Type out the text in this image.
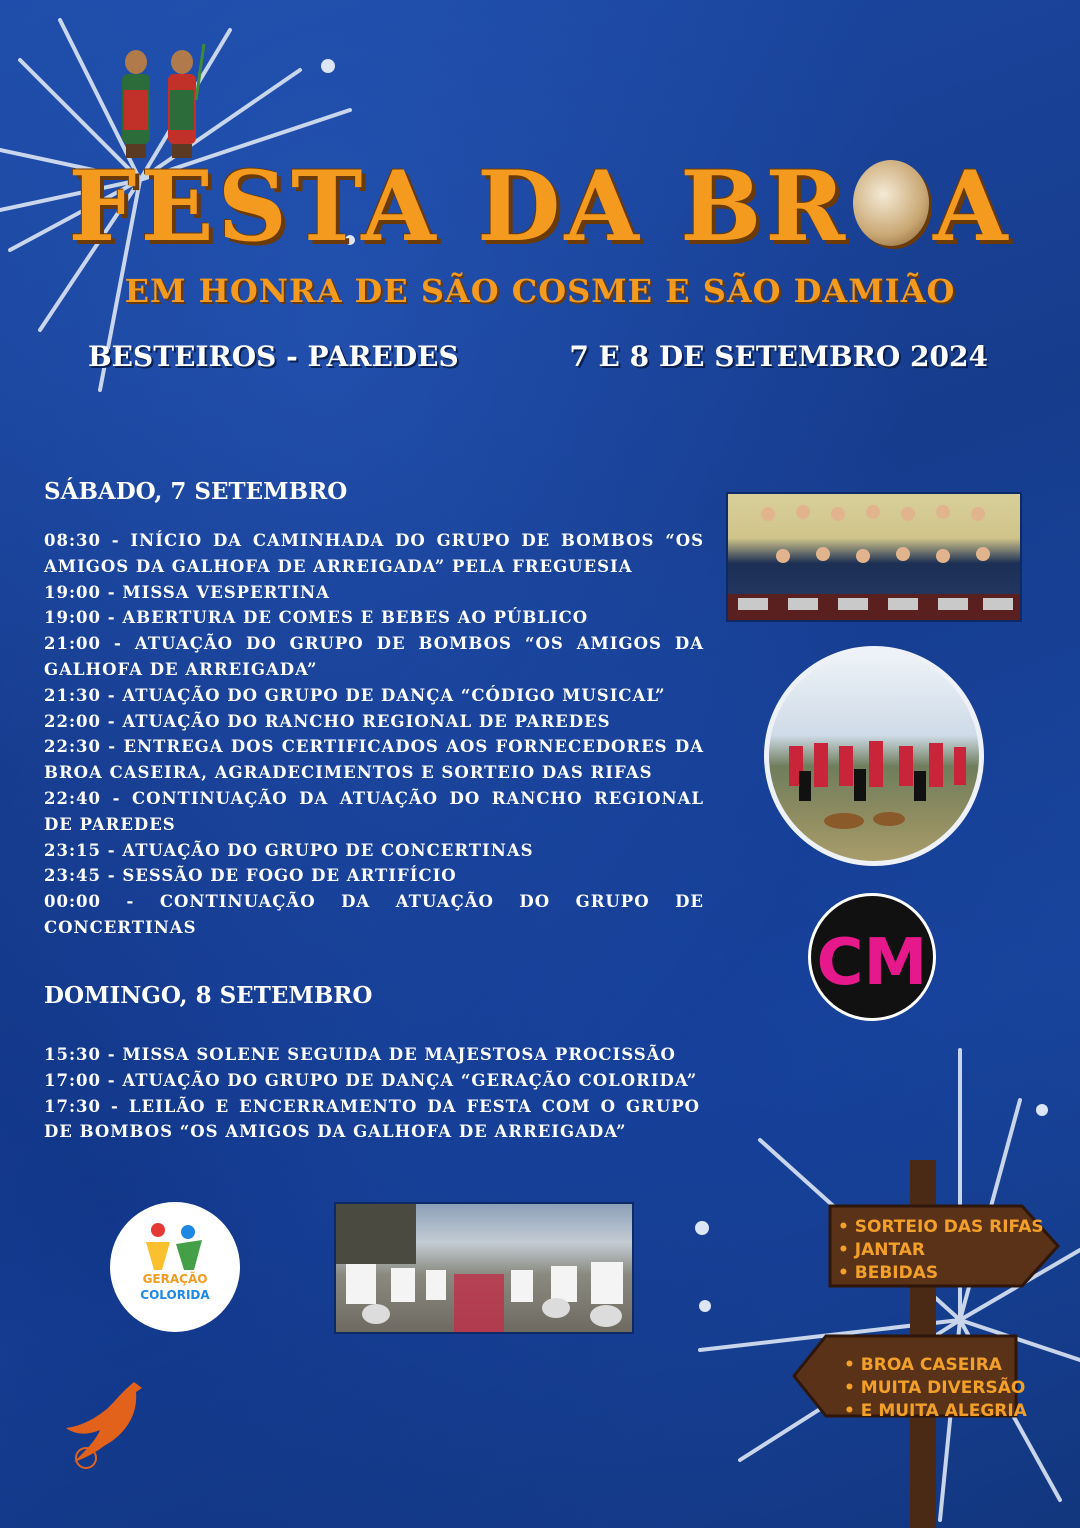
FESTA DA BR A
EM HONRA DE SÃO COSME E SÃO DAMIÃO
BESTEIROS - PAREDES	7 E 8 DE SETEMBRO 2024
SÁBADO, 7 SETEMBRO
08:30 - INÍCIO DA CAMINHADA DO GRUPO DE BOMBOS “OS AMIGOS DA GALHOFA DE ARREIGADA” PELA FREGUESIA
19:00 - MISSA VESPERTINA
19:00 - ABERTURA DE COMES E BEBES AO PÚBLICO
21:00 - ATUAÇÃO DO GRUPO DE BOMBOS “OS AMIGOS DA GALHOFA DE ARREIGADA”
21:30 - ATUAÇÃO DO GRUPO DE DANÇA “CÓDIGO MUSICAL”
22:00 - ATUAÇÃO DO RANCHO REGIONAL DE PAREDES
22:30 - ENTREGA DOS CERTIFICADOS AOS FORNECEDORES DA BROA CASEIRA, AGRADECIMENTOS E SORTEIO DAS RIFAS
22:40 - CONTINUAÇÃO DA ATUAÇÃO DO RANCHO REGIONAL DE PAREDES
23:15 - ATUAÇÃO DO GRUPO DE CONCERTINAS
23:45 - SESSÃO DE FOGO DE ARTIFÍCIO
00:00 - CONTINUAÇÃO DA ATUAÇÃO DO GRUPO DE CONCERTINAS
DOMINGO, 8 SETEMBRO
15:30 - MISSA SOLENE SEGUIDA DE MAJESTOSA PROCISSÃO
17:00 - ATUAÇÃO DO GRUPO DE DANÇA “GERAÇÃO COLORIDA”
17:30 - LEILÃO E ENCERRAMENTO DA FESTA COM O GRUPO DE BOMBOS “OS AMIGOS DA GALHOFA DE ARREIGADA”
CM
GERAÇÃO
COLORIDA
• SORTEIO DAS RIFAS
• JANTAR
• BEBIDAS
• BROA CASEIRA
• MUITA DIVERSÃO
• E MUITA ALEGRIA
